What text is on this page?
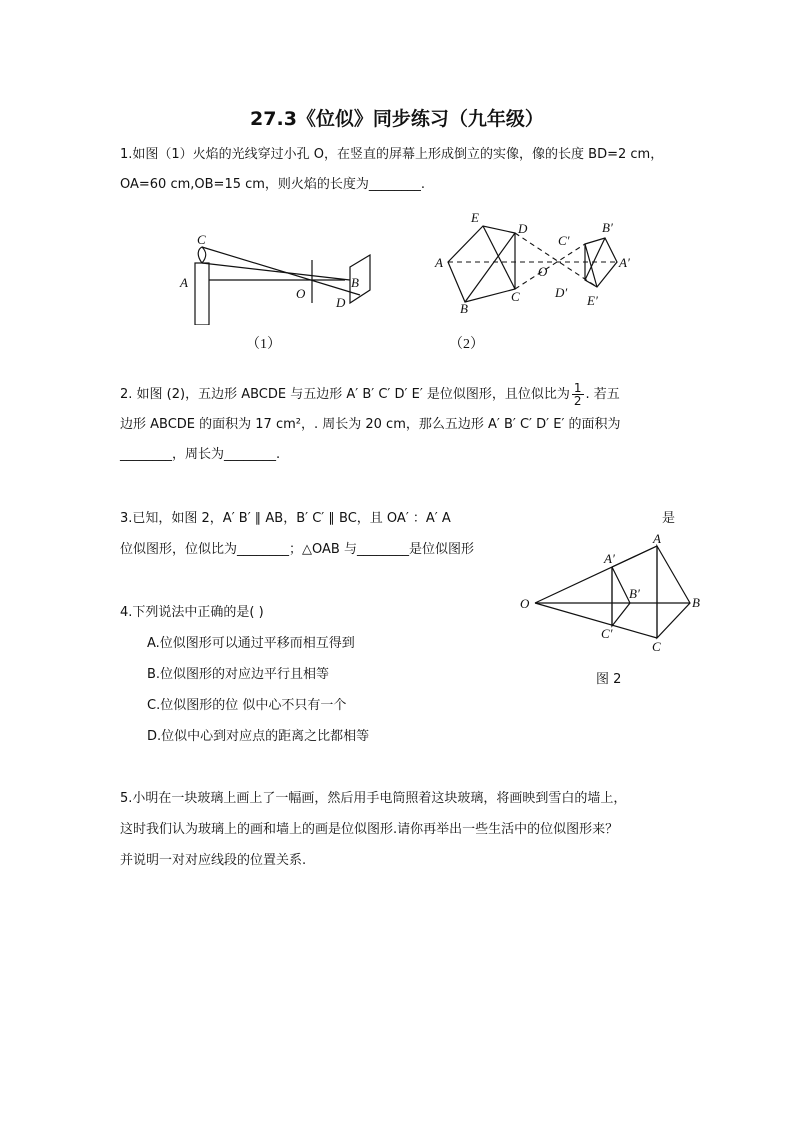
27.3《位似》同步练习（九年级）
1.如图（1）火焰的光线穿过小孔 O，在竖直的屏幕上形成倒立的实像，像的长度 BD=2 cm，
OA=60 cm,OB=15 cm，则火焰的长度为________.
C
A
O
B
D
（1）
E
D
A
B
C
O
C′
B′
A′
D′
E′
（2）
2. 如图 (2)，五边形 ABCDE 与五边形 A′ B′ C′ D′ E′ 是位似图形，且位似比为 $\frac{1}{2}$ . 若五
边形 ABCDE 的面积为 17 cm²，. 周长为 20 cm，那么五边形 A′ B′ C′ D′ E′ 的面积为
________，周长为________.
3.已知，如图 2，A′ B′ ∥ AB，B′ C′ ∥ BC，且 OA′ ：A′ A	是
位似图形，位似比为________；△OAB 与________是位似图形
O
A′
A
B′
B
C′
C
图 2
4.下列说法中正确的是( )
A.位似图形可以通过平移而相互得到
B.位似图形的对应边平行且相等
C.位似图形的位 似中心不只有一个
D.位似中心到对应点的距离之比都相等
5.小明在一块玻璃上画上了一幅画，然后用手电筒照着这块玻璃，将画映到雪白的墙上，
这时我们认为玻璃上的画和墙上的画是位似图形.请你再举出一些生活中的位似图形来？
并说明一对对应线段的位置关系.
